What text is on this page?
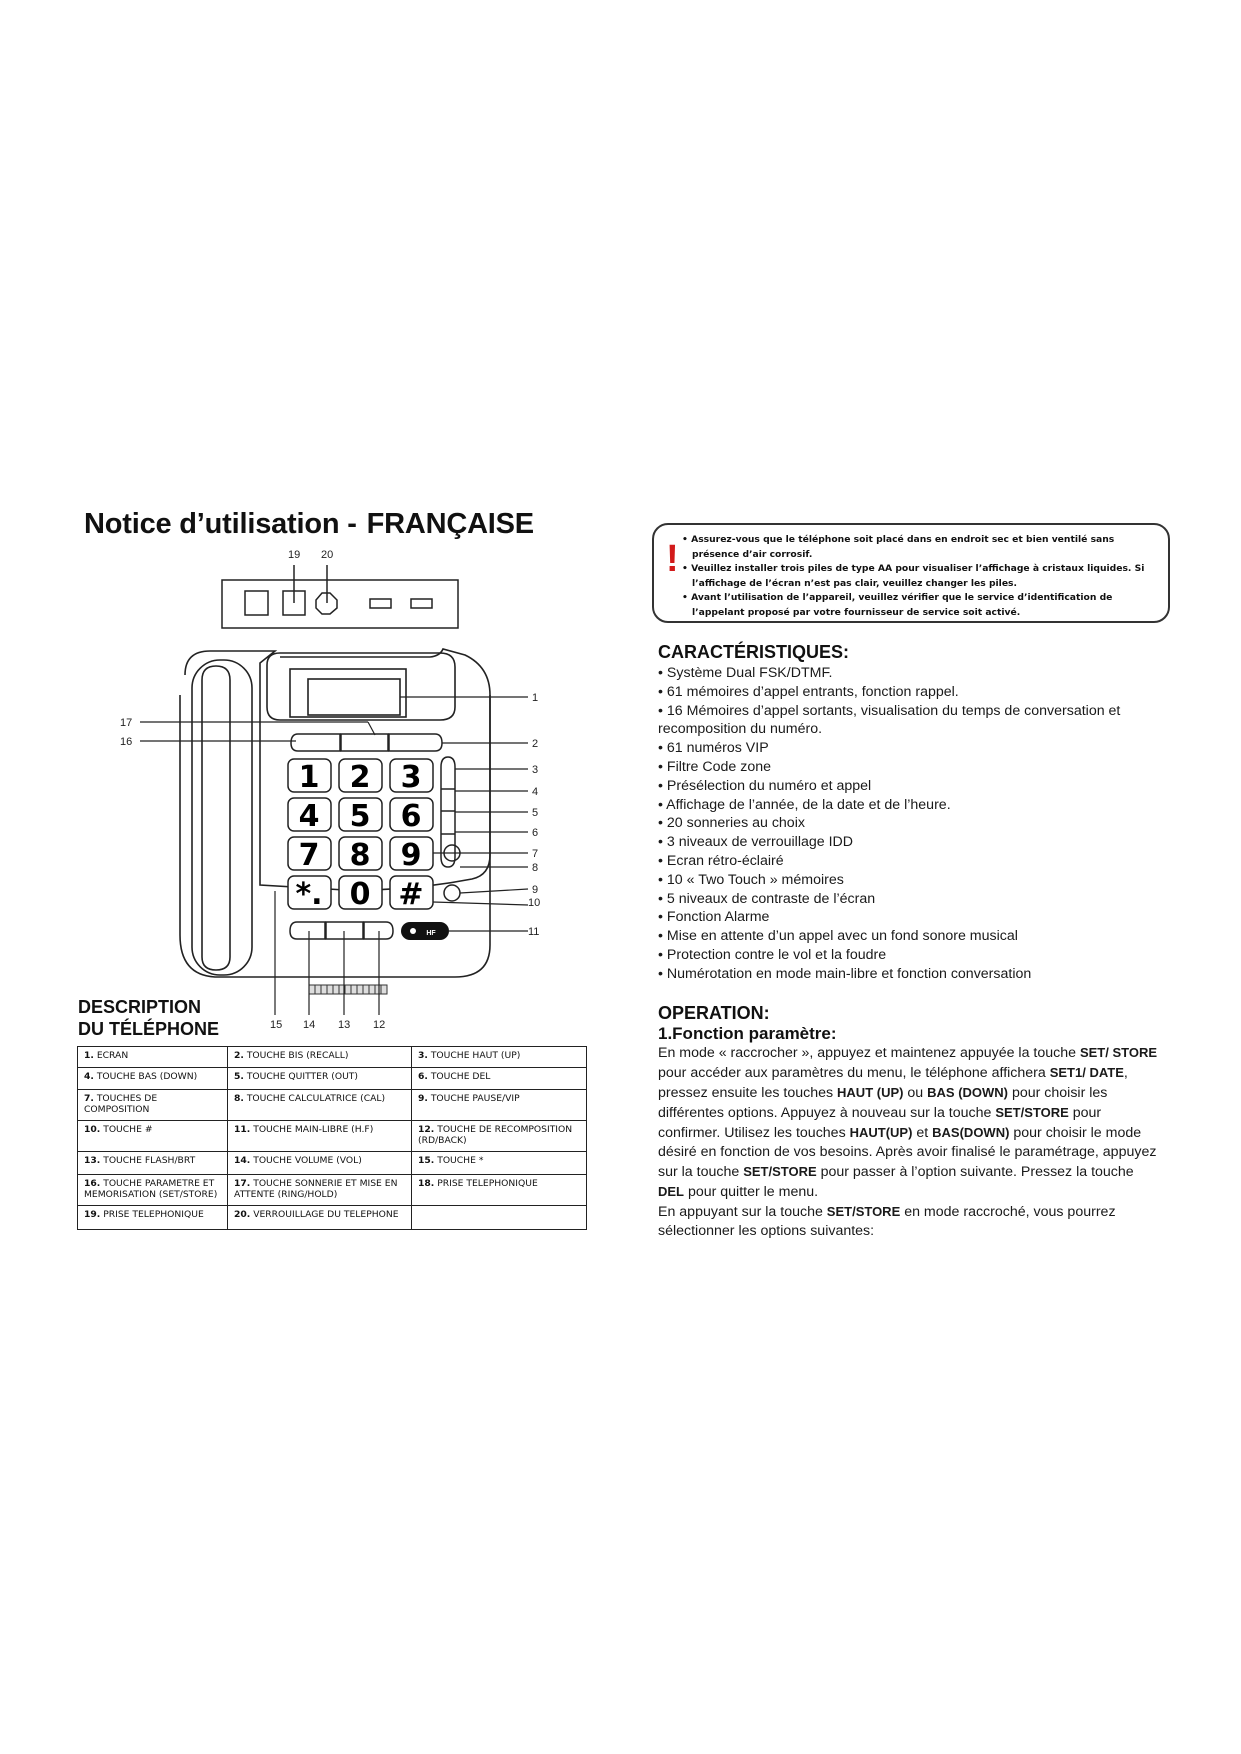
Notice d’utilisation - FRANÇAISE
19 20
1 2 3
4 5 6
7 8 9
*. 0 #
HF
1
2
3
4
5
6
7
8
9
10
11
17
16
15 14 13 12
DESCRIPTION
DU TÉLÉPHONE
1. ECRAN	2. TOUCHE BIS (RECALL)	3. TOUCHE HAUT (UP)
4. TOUCHE BAS (DOWN)	5. TOUCHE QUITTER (OUT)	6. TOUCHE DEL
7. TOUCHES DE COMPOSITION	8. TOUCHE CALCULATRICE (CAL)	9. TOUCHE PAUSE/VIP
10. TOUCHE #	11. TOUCHE MAIN-LIBRE (H.F)	12. TOUCHE DE RECOMPOSITION (RD/BACK)
13. TOUCHE FLASH/BRT	14. TOUCHE VOLUME (VOL)	15. TOUCHE *
16. TOUCHE PARAMETRE ET MEMORISATION (SET/STORE)	17. TOUCHE SONNERIE ET MISE EN ATTENTE (RING/HOLD)	18. PRISE TELEPHONIQUE
19. PRISE TELEPHONIQUE	20. VERROUILLAGE DU TELEPHONE	
!	• Assurez-vous que le téléphone soit placé dans en endroit sec et bien ventilé sans présence d’air corrosif.
• Veuillez installer trois piles de type AA pour visualiser l’affichage à cristaux liquides. Si l’affichage de l’écran n’est pas clair, veuillez changer les piles.
• Avant l’utilisation de l’appareil, veuillez vérifier que le service d’identification de l’appelant proposé par votre fournisseur de service soit activé.
CARACTÉRISTIQUES:
• Système Dual FSK/DTMF.
• 61 mémoires d’appel entrants, fonction rappel.
• 16 Mémoires d’appel sortants, visualisation du temps de conversation et recomposition du numéro.
• 61 numéros VIP
• Filtre Code zone
• Présélection du numéro et appel
• Affichage de l’année, de la date et de l’heure.
• 20 sonneries au choix
• 3 niveaux de verrouillage IDD
• Ecran rétro-éclairé
• 10 « Two Touch » mémoires
• 5 niveaux de contraste de l’écran
• Fonction Alarme
• Mise en attente d’un appel avec un fond sonore musical
• Protection contre le vol et la foudre
• Numérotation en mode main-libre et fonction conversation
OPERATION:
1.Fonction paramètre:

En mode « raccrocher », appuyez et maintenez appuyée la touche SET/ STORE pour accéder aux paramètres du menu, le téléphone affichera SET1/ DATE, pressez ensuite les touches HAUT (UP) ou BAS (DOWN) pour choisir les différentes options. Appuyez à nouveau sur la touche SET/STORE pour confirmer. Utilisez les touches HAUT(UP) et BAS(DOWN) pour choisir le mode désiré en fonction de vos besoins. Après avoir finalisé le paramétrage, appuyez sur la touche SET/STORE pour passer à l’option suivante. Pressez la touche DEL pour quitter le menu.

En appuyant sur la touche SET/STORE en mode raccroché, vous pourrez sélectionner les options suivantes:
